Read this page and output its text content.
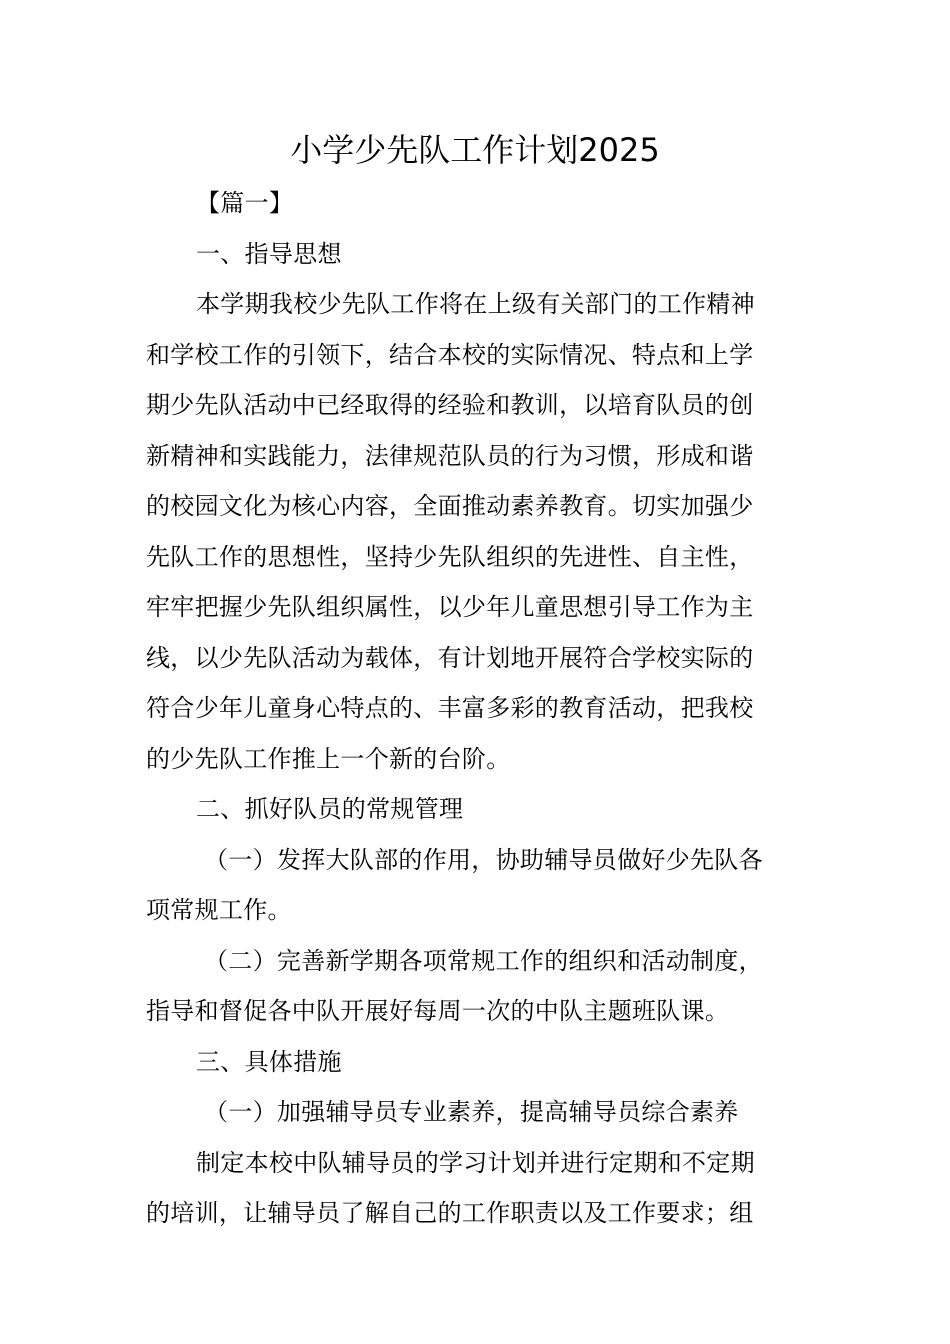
小学少先队工作计划2025
【篇一】
一、指导思想
本学期我校少先队工作将在上级有关部门的工作精神
和学校工作的引领下，结合本校的实际情况、特点和上学
期少先队活动中已经取得的经验和教训，以培育队员的创
新精神和实践能力，法律规范队员的行为习惯，形成和谐
的校园文化为核心内容，全面推动素养教育。切实加强少
先队工作的思想性，坚持少先队组织的先进性、自主性，
牢牢把握少先队组织属性，以少年儿童思想引导工作为主
线，以少先队活动为载体，有计划地开展符合学校实际的
符合少年儿童身心特点的、丰富多彩的教育活动，把我校
的少先队工作推上一个新的台阶。
二、抓好队员的常规管理
（一）发挥大队部的作用，协助辅导员做好少先队各
项常规工作。
（二）完善新学期各项常规工作的组织和活动制度，
指导和督促各中队开展好每周一次的中队主题班队课。
三、具体措施
（一）加强辅导员专业素养，提高辅导员综合素养
制定本校中队辅导员的学习计划并进行定期和不定期
的培训，让辅导员了解自己的工作职责以及工作要求；组
